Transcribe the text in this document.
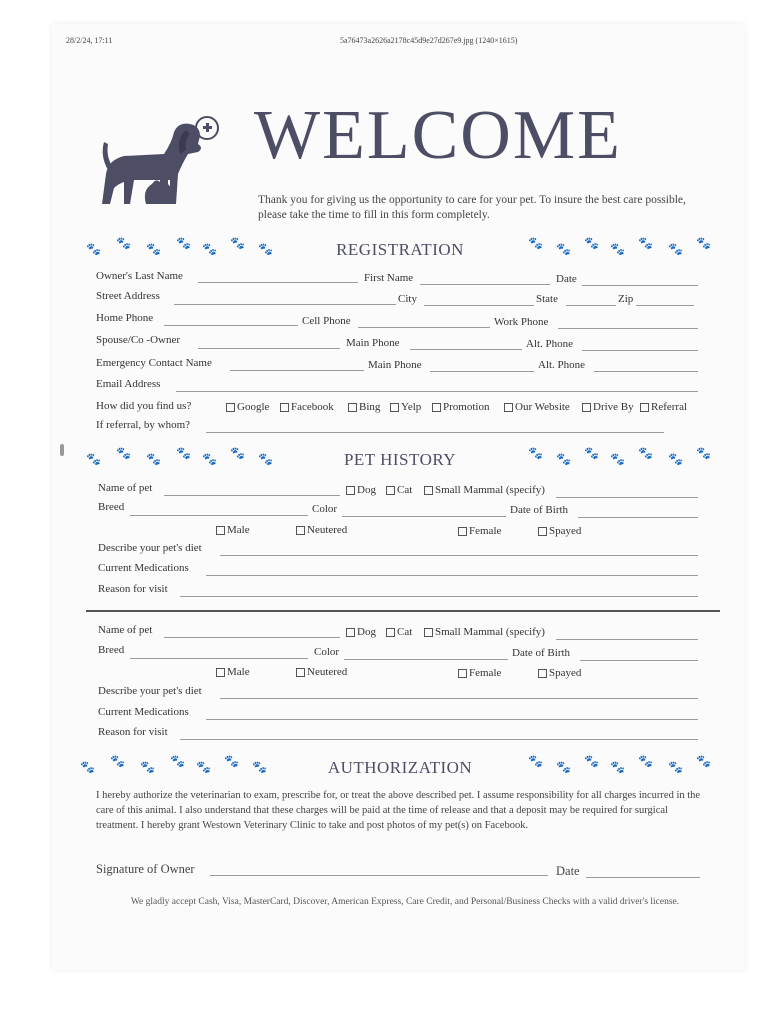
28/2/24, 17:11	5a76473a2626a2178c45d9e27d267e9.jpg (1240×1615)
WELCOME
Thank you for giving us the opportunity to care for your pet. To insure the best care possible, please take the time to fill in this form completely.
REGISTRATION
🐾 🐾 🐾 🐾 🐾 🐾 🐾	🐾 🐾 🐾 🐾 🐾 🐾 🐾
Owner's Last Name	First Name	Date
Street Address	City	State	Zip
Home Phone	Cell Phone	Work Phone
Spouse/Co -Owner	Main Phone	Alt. Phone
Emergency Contact Name	Main Phone	Alt. Phone
Email Address
How did you find us?	Google	Facebook	Bing	Yelp	Promotion	Our Website	Drive By	Referral
If referral, by whom?
PET HISTORY
🐾 🐾 🐾 🐾 🐾 🐾 🐾	🐾 🐾 🐾 🐾 🐾 🐾 🐾
Name of pet	Dog	Cat	Small Mammal (specify)
Breed	Color	Date of Birth
Male	Neutered	Female	Spayed
Describe your pet's diet
Current Medications
Reason for visit
Name of pet	Dog	Cat	Small Mammal (specify)
Breed	Color	Date of Birth
Male	Neutered	Female	Spayed
Describe your pet's diet
Current Medications
Reason for visit
AUTHORIZATION
🐾 🐾 🐾 🐾 🐾 🐾 🐾	🐾 🐾 🐾 🐾 🐾 🐾 🐾
I hereby authorize the veterinarian to exam, prescribe for, or treat the above described pet. I assume responsibility for all charges incurred in the care of this animal. I also understand that these charges will be paid at the time of release and that a deposit may be required for surgical treatment. I hereby grant Westown Veterinary Clinic to take and post photos of my pet(s) on Facebook.
Signature of Owner	Date
We gladly accept Cash, Visa, MasterCard, Discover, American Express, Care Credit, and Personal/Business Checks with a valid driver's license.
